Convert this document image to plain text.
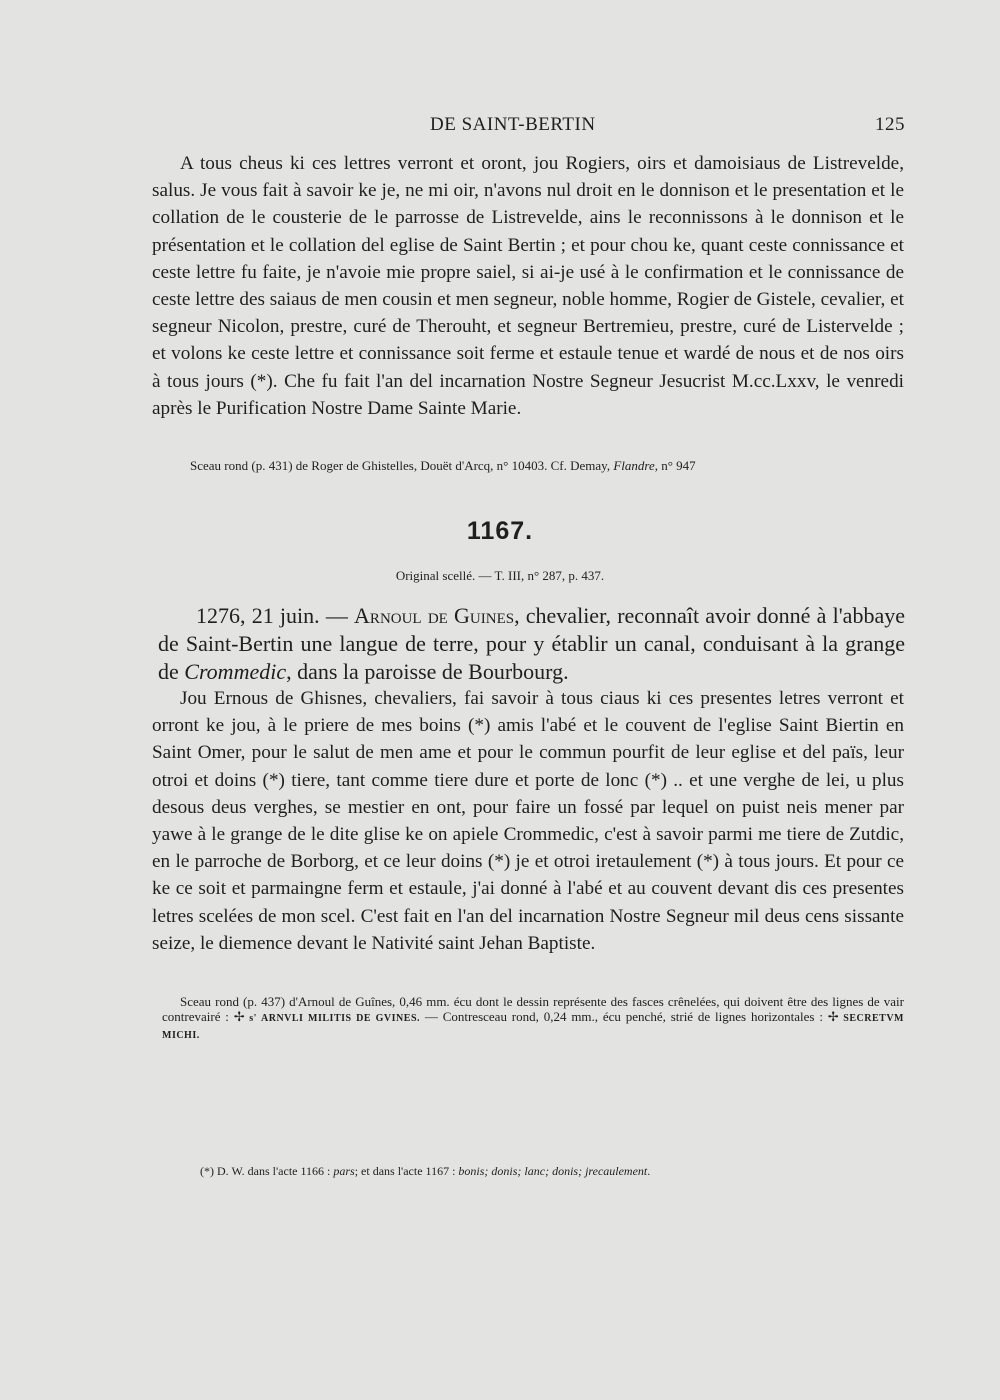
DE SAINT-BERTIN	125

A tous cheus ki ces lettres verront et oront, jou Rogiers, oirs et damoisiaus de Listrevelde, salus. Je vous fait à savoir ke je, ne mi oir, n'avons nul droit en le donnison et le presentation et le collation de le cousterie de le parrosse de Listrevelde, ains le reconnissons à le donnison et le présentation et le collation del eglise de Saint Bertin ; et pour chou ke, quant ceste connissance et ceste lettre fu faite, je n'avoie mie propre saiel, si ai-je usé à le confirmation et le connissance de ceste lettre des saiaus de men cousin et men segneur, noble homme, Rogier de Gistele, cevalier, et segneur Nicolon, prestre, curé de Therouht, et segneur Bertremieu, prestre, curé de Listervelde ; et volons ke ceste lettre et connissance soit ferme et estaule tenue et wardé de nous et de nos oirs à tous jours (*). Che fu fait l'an del incarnation Nostre Segneur Jesucrist M.cc.Lxxv, le venredi après le Purification Nostre Dame Sainte Marie.

Sceau rond (p. 431) de Roger de Ghistelles, Douët d'Arcq, n° 10403. Cf. Demay, Flandre, n° 947

1167.
Original scellé. — T. III, n° 287, p. 437.

1276, 21 juin. — Arnoul de Guines, chevalier, reconnaît avoir donné à l'abbaye de Saint-Bertin une langue de terre, pour y établir un canal, conduisant à la grange de Crommedic, dans la paroisse de Bourbourg.

Jou Ernous de Ghisnes, chevaliers, fai savoir à tous ciaus ki ces presentes letres verront et orront ke jou, à le priere de mes boins (*) amis l'abé et le couvent de l'eglise Saint Biertin en Saint Omer, pour le salut de men ame et pour le commun pourfit de leur eglise et del païs, leur otroi et doins (*) tiere, tant comme tiere dure et porte de lonc (*) .. et une verghe de lei, u plus desous deus verghes, se mestier en ont, pour faire un fossé par lequel on puist neis mener par yawe à le grange de le dite glise ke on apiele Crommedic, c'est à savoir parmi me tiere de Zutdic, en le parroche de Borborg, et ce leur doins (*) je et otroi iretaulement (*) à tous jours. Et pour ce ke ce soit et parmaingne ferm et estaule, j'ai donné à l'abé et au couvent devant dis ces presentes letres scelées de mon scel. C'est fait en l'an del incarnation Nostre Segneur mil deus cens sissante seize, le diemence devant le Nativité saint Jehan Baptiste.

Sceau rond (p. 437) d'Arnoul de Guînes, 0,46 mm. écu dont le dessin représente des fasces crênelées, qui doivent être des lignes de vair contrevairé : ✢ s' ARNVLI MILITIS DE GVINES. — Contresceau rond, 0,24 mm., écu penché, strié de lignes horizontales : ✢ SECRETVM MICHI.

(*) D. W. dans l'acte 1166 : pars; et dans l'acte 1167 : bonis; donis; lanc; donis; jrecaulement.
